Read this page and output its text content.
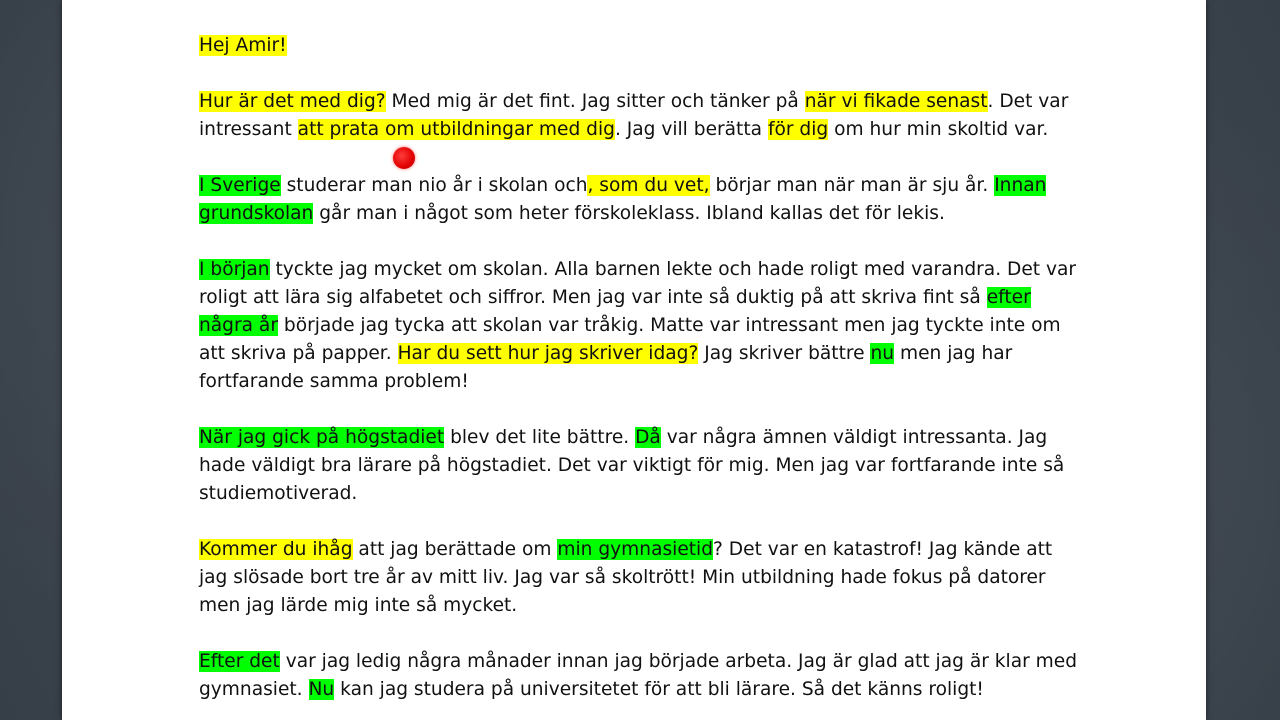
Hej Amir!

Hur är det med dig? Med mig är det fint. Jag sitter och tänker på när vi fikade senast. Det var intressant att prata om utbildningar med dig. Jag vill berätta för dig om hur min skoltid var.

I Sverige studerar man nio år i skolan och, som du vet, börjar man när man är sju år. Innan grundskolan går man i något som heter förskoleklass. Ibland kallas det för lekis.

I början tyckte jag mycket om skolan. Alla barnen lekte och hade roligt med varandra. Det var roligt att lära sig alfabetet och siffror. Men jag var inte så duktig på att skriva fint så efter några år började jag tycka att skolan var tråkig. Matte var intressant men jag tyckte inte om att skriva på papper. Har du sett hur jag skriver idag? Jag skriver bättre nu men jag har fortfarande samma problem!

När jag gick på högstadiet blev det lite bättre. Då var några ämnen väldigt intressanta. Jag hade väldigt bra lärare på högstadiet. Det var viktigt för mig. Men jag var fortfarande inte så studiemotiverad.

Kommer du ihåg att jag berättade om min gymnasietid? Det var en katastrof! Jag kände att jag slösade bort tre år av mitt liv. Jag var så skoltrött! Min utbildning hade fokus på datorer men jag lärde mig inte så mycket.

Efter det var jag ledig några månader innan jag började arbeta. Jag är glad att jag är klar med gymnasiet. Nu kan jag studera på universitetet för att bli lärare. Så det känns roligt!
